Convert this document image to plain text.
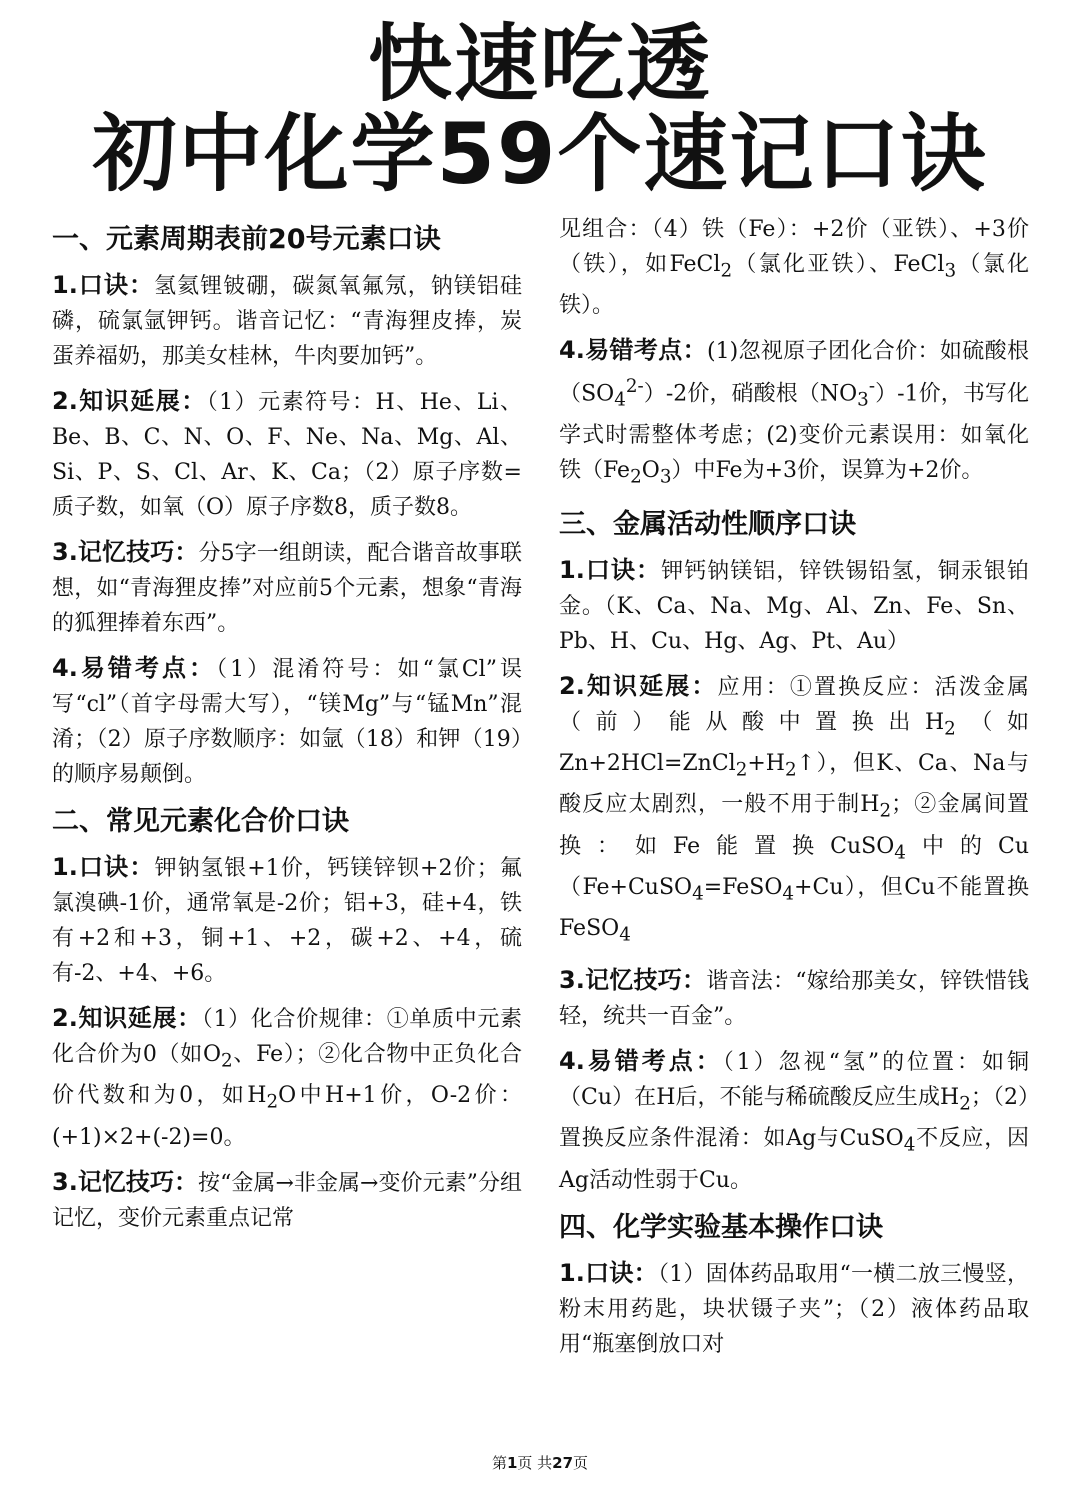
快速吃透
初中化学59个速记口诀
一、元素周期表前20号元素口诀
1.口诀：氢氦锂铍硼，碳氮氧氟氖，钠镁铝硅磷，硫氯氩钾钙。谐音记忆：“青海狸皮捧，炭蛋养福奶，那美女桂林，牛肉要加钙”。
2.知识延展：（1）元素符号：H、He、Li、Be、B、C、N、O、F、Ne、Na、Mg、Al、Si、P、S、Cl、Ar、K、Ca；（2）原子序数=质子数，如氧（O）原子序数8，质子数8。
3.记忆技巧：分5字一组朗读，配合谐音故事联想，如“青海狸皮捧”对应前5个元素，想象“青海的狐狸捧着东西”。
4.易错考点：（1）混淆符号：如“氯Cl”误写“cl”（首字母需大写），“镁Mg”与“锰Mn”混淆；（2）原子序数顺序：如氩（18）和钾（19）的顺序易颠倒。
二、常见元素化合价口诀
1.口诀：钾钠氢银+1价，钙镁锌钡+2价；氟氯溴碘-1价，通常氧是-2价；铝+3，硅+4，铁有+2和+3，铜+1、+2，碳+2、+4，硫有-2、+4、+6。
2.知识延展：（1）化合价规律：①单质中元素化合价为0（如$O_2$、Fe）；②化合物中正负化合价代数和为0，如$H_2O$中H+1价，O-2价：(+1)×2+(-2)=0。
3.记忆技巧：按“金属→非金属→变价元素”分组记忆，变价元素重点记常
见组合：（4）铁（Fe）：+2价（亚铁）、+3价（铁），如FeCl$_2$（氯化亚铁）、FeCl$_3$（氯化铁）。
4.易错考点：(1)忽视原子团化合价：如硫酸根$(SO_4^{2-})-2$价，硝酸根$(NO_3^-)-1$价，书写化学式时需整体考虑；(2)变价元素误用：如氧化铁$(Fe_2O_3)$中Fe为+3价，误算为+2价。
三、金属活动性顺序口诀
1.口诀：钾钙钠镁铝，锌铁锡铅氢，铜汞银铂金。（K、Ca、Na、Mg、Al、Zn、Fe、Sn、Pb、H、Cu、Hg、Ag、Pt、Au）
2.知识延展：应用：①置换反应：活泼金属（前）能从酸中置换出$H_2$（如$Zn+2HCl=ZnCl_2+H_2↑$），但K、Ca、Na与酸反应太剧烈，一般不用于制$H_2$；②金属间置换：如Fe能置换CuSO$_4$中的Cu（Fe+CuSO$_4$=FeSO$_4$+Cu），但Cu不能置换FeSO$_4$
3.记忆技巧：谐音法：“嫁给那美女，锌铁惜钱轻，统共一百金”。
4.易错考点：（1）忽视“氢”的位置：如铜（Cu）在H后，不能与稀硫酸反应生成$H_2$；（2）置换反应条件混淆：如Ag与CuSO$_4$不反应，因Ag活动性弱于Cu。
四、化学实验基本操作口诀
1.口诀：（1）固体药品取用“一横二放三慢竖，粉末用药匙，块状镊子夹”；（2）液体药品取用“瓶塞倒放口对
第1页 共27页
